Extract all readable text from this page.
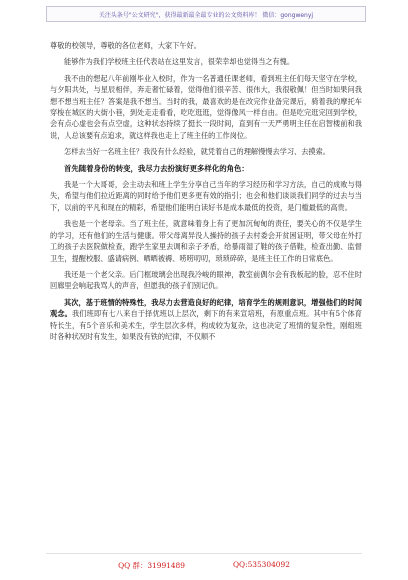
关注头条号"公文研究"，获得最新最全最专业的公文资料库！ 微信：gongwenyj

尊敬的校领导，尊敬的各位老师，大家下午好。

能够作为我们学校班主任代表站在这里发言，很荣幸却也觉得当之有愧。

我不由的想起八年前刚毕业入校时，作为一名普通任课老师，看到班主任们每天坚守在学校，与夕阳共处，与星辰相伴，奔走奢忙碌着，觉得他们很辛苦、很伟大，我很敬佩！但当时如果问我想不想当班主任？答案是我不想当。当时的我，最喜欢的是在改完作业备完课后，骑着我的摩托车穿梭在城区的大街小巷，到处走走看看，吃吃逛逛，觉得像风一样自由。但是吃完逛完回到学校，会有点心虚也会有点空虚，这种状态持续了挺长一段时间，直到有一天严勇明主任在启智楼前和我说，人总该要有点追求，就这样我也走上了班主任的工作岗位。

怎样去当好一名班主任？我没有什么经验，就凭着自己的理解慢慢去学习、去摸索。

首先随着身份的转变，我尽力去扮演好更多样化的角色：

我是一个大哥哥，会主动去和班上学生分享自己当年的学习经历和学习方法，自己的成败与得失，希望与他们拉近距离的同时给予他们更多更有效的指引；也会和他们谈谈我们同学的过去与当下，以前的平凡和现在的精彩，希望他们能明白读好书是成本最低的投资，是门槛最低的高贵。

我也是一个老母亲。当了班主任，就意味着身上有了更加沉甸甸的责任，要关心的不仅是学生的学习，还有他们的生活与健康。带父母离异没人操持的孩子去村委会开贫困证明，带父母在外打工的孩子去医院做检查，跑学生家里去调和亲子矛盾，给暴雨湿了鞋的孩子借鞋，检查出勤、监督卫生，提醒校服、盛请病例、晒晒被褥、唠唠叨叨，琐琐碎碎，是班主任工作的日常底色。

我还是一个老父亲。后门框玻璃会出现我冷峻的眼神，教室前偶尔会有我板起的脸，忍不住时回廊里会响起我骂人的声音，但愿我的孩子们别记仇。

其次，基于班情的特殊性，我尽力去营造良好的纪律，培育学生的规则意识，增强他们的时间观念。我们班即有七八来自于择优班以上层次，剩下的有来宣培班，有原重点班。其中有5个体育特长生，有5个音乐和美术生，学生层次多样，构成较为复杂，这也决定了班情的复杂性，刚组班时各种状况时有发生，如果没有铁的纪律，不仅顺不

QQ 群：31991489	QQ:535304092
